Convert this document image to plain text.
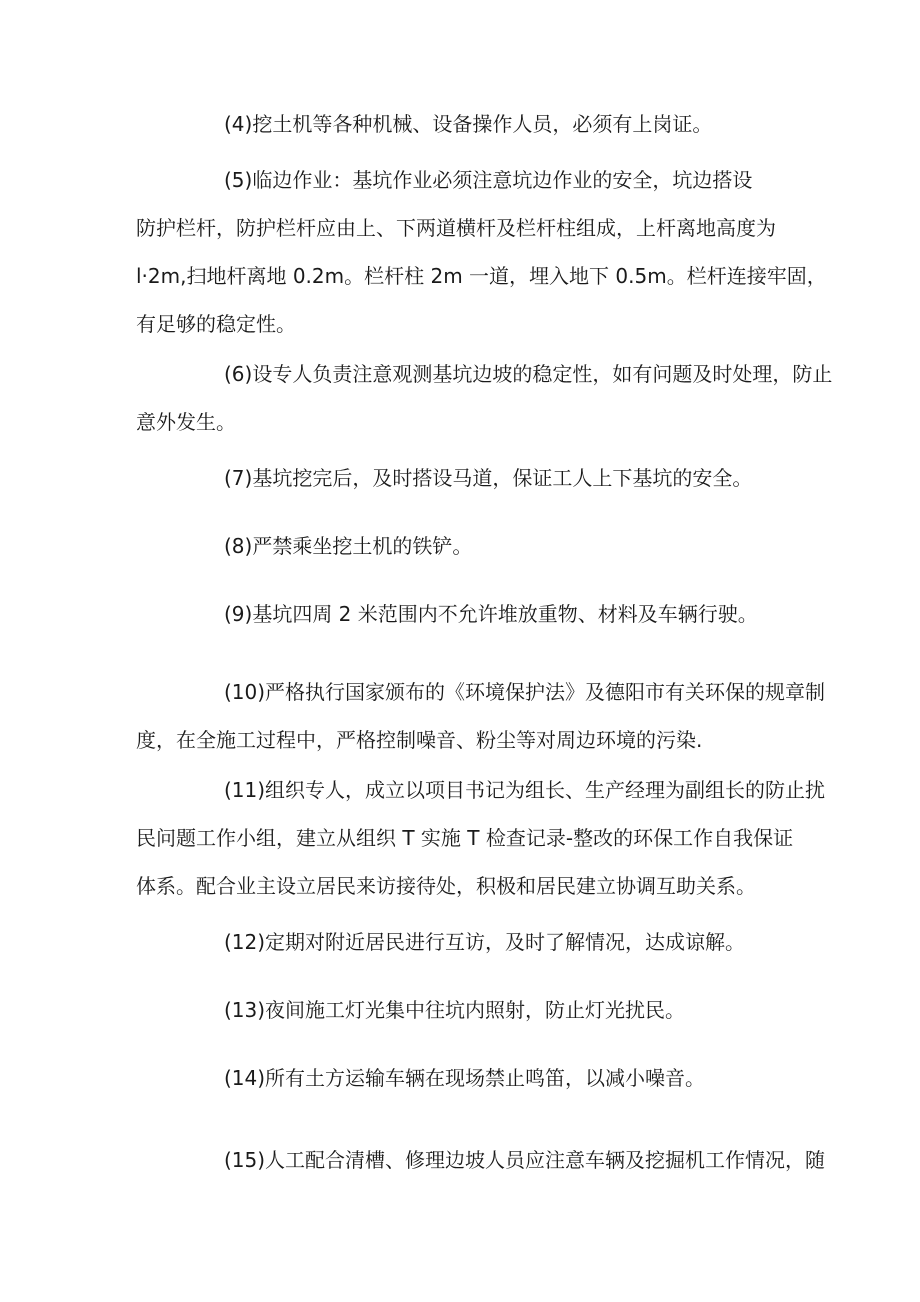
(4)挖土机等各种机械、设备操作人员，必须有上岗证。

(5)临边作业：基坑作业必须注意坑边作业的安全，坑边搭设
防护栏杆，防护栏杆应由上、下两道横杆及栏杆柱组成，上杆离地高度为
l·2m,扫地杆离地 0.2m。栏杆柱 2m 一道，埋入地下 0.5m。栏杆连接牢固，
有足够的稳定性。

(6)设专人负责注意观测基坑边坡的稳定性，如有问题及时处理，防止
意外发生。

(7)基坑挖完后，及时搭设马道，保证工人上下基坑的安全。

(8)严禁乘坐挖土机的铁铲。

(9)基坑四周 2 米范围内不允许堆放重物、材料及车辆行驶。

(10)严格执行国家颁布的《环境保护法》及德阳市有关环保的规章制
度，在全施工过程中，严格控制噪音、粉尘等对周边环境的污染.

(11)组织专人，成立以项目书记为组长、生产经理为副组长的防止扰
民问题工作小组，建立从组织 T 实施 T 检查记录-整改的环保工作自我保证
体系。配合业主设立居民来访接待处，积极和居民建立协调互助关系。

(12)定期对附近居民进行互访，及时了解情况，达成谅解。

(13)夜间施工灯光集中往坑内照射，防止灯光扰民。

(14)所有土方运输车辆在现场禁止鸣笛，以减小噪音。

(15)人工配合清槽、修理边坡人员应注意车辆及挖掘机工作情况，随
